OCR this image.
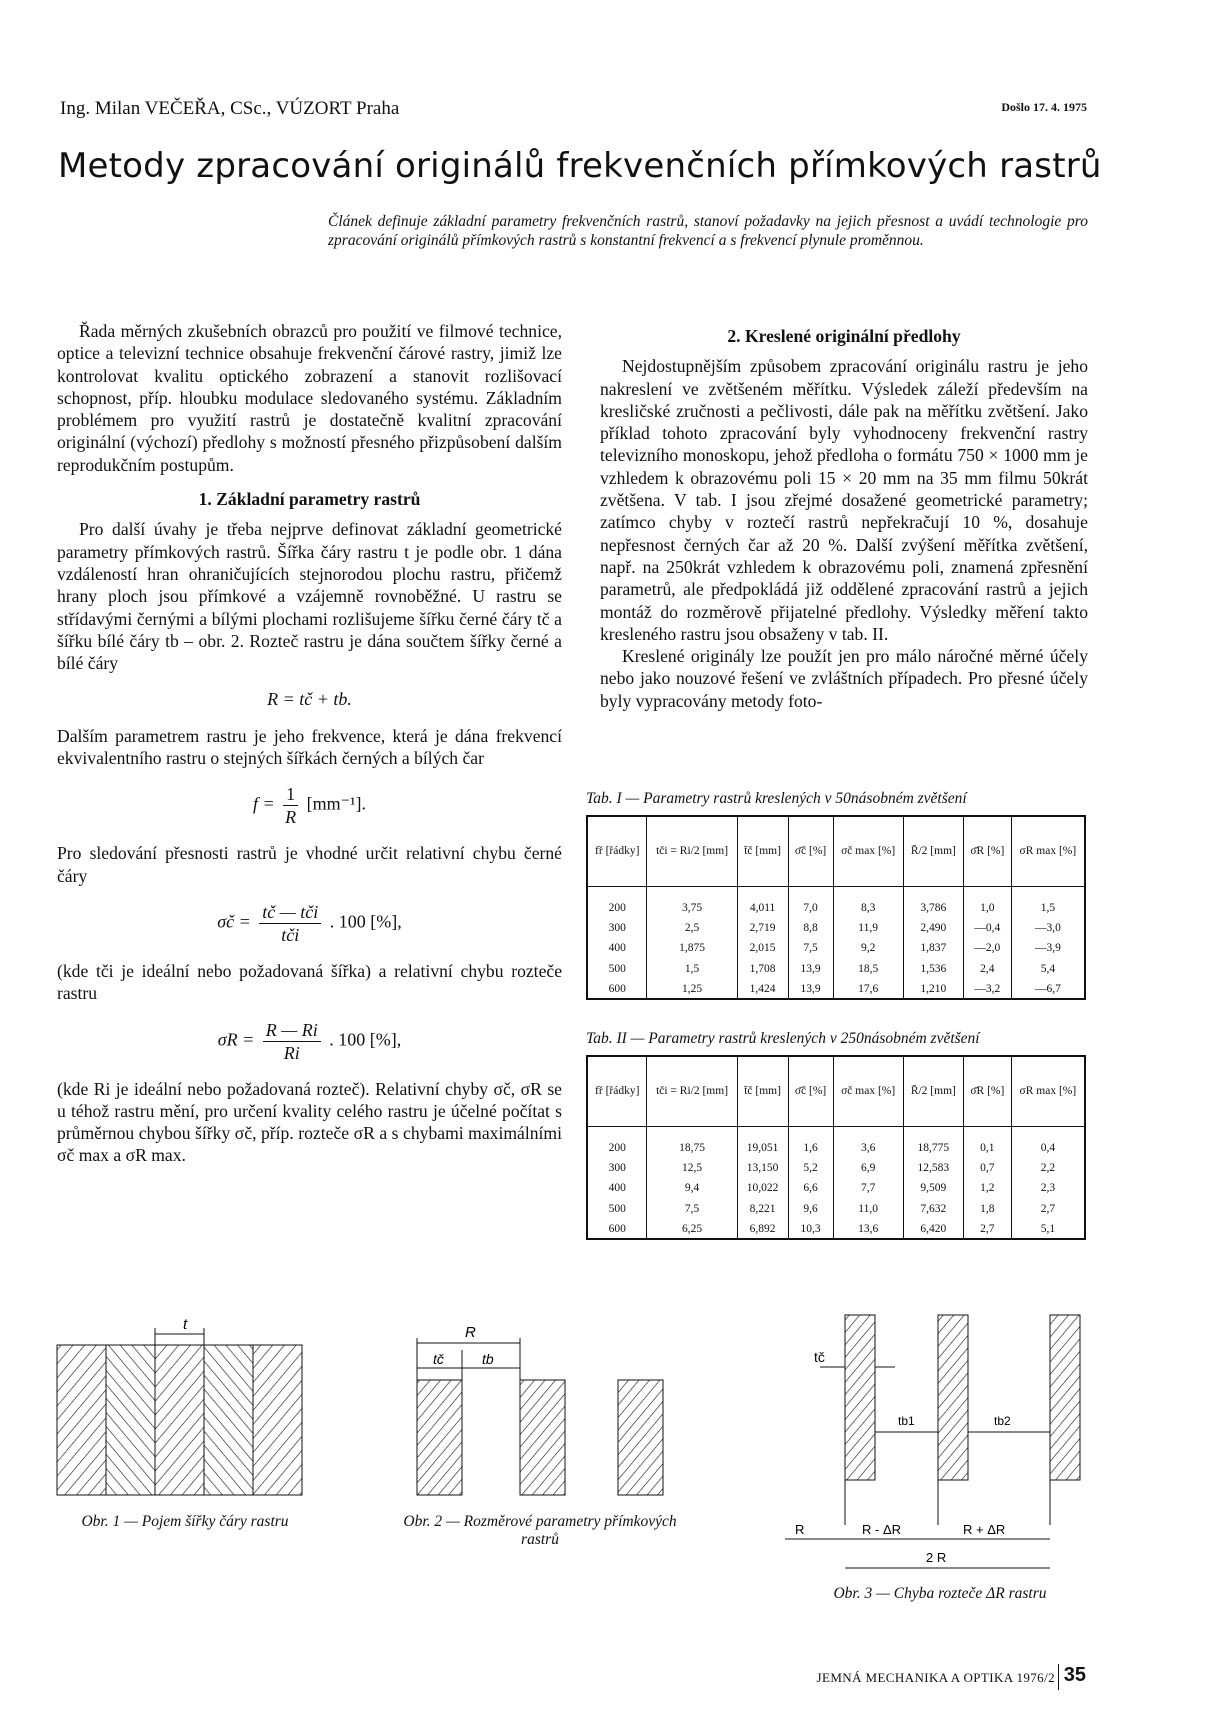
Ing. Milan VEČEŘA, CSc., VÚZORT Praha	Došlo 17. 4. 1975
Metody zpracování originálů frekvenčních přímkových rastrů
Článek definuje základní parametry frekvenčních rastrů, stanoví požadavky na jejich přesnost a uvádí technologie pro zpracování originálů přímkových rastrů s konstantní frekvencí a s frekvencí plynule proměnnou.

Řada měrných zkušebních obrazců pro použití ve filmové technice, optice a televizní technice obsahuje frekvenční čárové rastry, jimiž lze kontrolovat kvalitu optického zobrazení a stanovit rozlišovací schopnost, příp. hloubku modulace sledovaného systému. Základním problémem pro využití rastrů je dostatečně kvalitní zpracování originální (výchozí) předlohy s možností přesného přizpůsobení dalším reprodukčním postupům.

1. Základní parametry rastrů

Pro další úvahy je třeba nejprve definovat základní geometrické parametry přímkových rastrů. Šířka čáry rastru t je podle obr. 1 dána vzdáleností hran ohraničujících stejnorodou plochu rastru, přičemž hrany ploch jsou přímkové a vzájemně rovnoběžné. U rastru se střídavými černými a bílými plochami rozlišujeme šířku černé čáry tč a šířku bílé čáry tb – obr. 2. Rozteč rastru je dána součtem šířky černé a bílé čáry

R = tč + tb.

Dalším parametrem rastru je jeho frekvence, která je dána frekvencí ekvivalentního rastru o stejných šířkách černých a bílých čar

$f = \frac{1}{R} [mm^{-1}]$.

Pro sledování přesnosti rastrů je vhodné určit relativní chybu černé čáry

σč = $\frac{\text{tč — tči}}{\text{tči}}$ . 100 [%],

(kde tči je ideální nebo požadovaná šířka) a relativní chybu rozteče rastru

$\sigma R = \frac{R — Ri}{Ri}$ . 100 [%],

(kde Ri je ideální nebo požadovaná rozteč). Relativní chyby σč, σR se u téhož rastru mění, pro určení kvality celého rastru je účelné počítat s průměrnou chybou šířky σč, příp. rozteče σR a s chybami maximálními σč max a σR max.

2. Kreslené originální předlohy

Nejdostupnějším způsobem zpracování originálu rastru je jeho nakreslení ve zvětšeném měřítku. Výsledek záleží především na kresličské zručnosti a pečlivosti, dále pak na měřítku zvětšení. Jako příklad tohoto zpracování byly vyhodnoceny frekvenční rastry televizního monoskopu, jehož předloha o formátu 750 × 1000 mm je vzhledem k obrazovému poli 15 × 20 mm na 35 mm filmu 50krát zvětšena. V tab. I jsou zřejmé dosažené geometrické parametry; zatímco chyby v roztečí rastrů nepřekračují 10 %, dosahuje nepřesnost černých čar až 20 %. Další zvýšení měřítka zvětšení, např. na 250krát vzhledem k obrazovému poli, znamená zpřesnění parametrů, ale předpokládá již oddělené zpracování rastrů a jejich montáž do rozměrově přijatelné předlohy. Výsledky měření takto kresleného rastru jsou obsaženy v tab. II.

Kreslené originály lze použít jen pro málo náročné měrné účely nebo jako nouzové řešení ve zvláštních případech. Pro přesné účely byly vypracovány metody foto-

Tab. I — Parametry rastrů kreslených v 50násobném zvětšení
fř [řádky]	tči = Ri/2 [mm]	t̄č [mm]	σ̄č [%]	σč max [%]	R̄/2 [mm]	σ̄R [%]	σR max [%]
200	3,75	4,011	7,0	8,3	3,786	1,0	1,5
300	2,5	2,719	8,8	11,9	2,490	—0,4	—3,0
400	1,875	2,015	7,5	9,2	1,837	—2,0	—3,9
500	1,5	1,708	13,9	18,5	1,536	2,4	5,4
600	1,25	1,424	13,9	17,6	1,210	—3,2	—6,7
Tab. II — Parametry rastrů kreslených v 250násobném zvětšení
fř [řádky]	tči = Ri/2 [mm]	t̄č [mm]	σ̄č [%]	σč max [%]	R̄/2 [mm]	σ̄R [%]	σR max [%]
200	18,75	19,051	1,6	3,6	18,775	0,1	0,4
300	12,5	13,150	5,2	6,9	12,583	0,7	2,2
400	9,4	10,022	6,6	7,7	9,509	1,2	2,3
500	7,5	8,221	9,6	11,0	7,632	1,8	2,7
600	6,25	6,892	10,3	13,6	6,420	2,7	5,1
t
Obr. 1 — Pojem šířky čáry rastru
R
tč	tb
Obr. 2 — Rozměrové parametry přímkových rastrů
tč
tb1	tb2
R	R - ΔR	R + ΔR
2 R
Obr. 3 — Chyba rozteče ΔR rastru
JEMNÁ MECHANIKA A OPTIKA 1976/2 35
